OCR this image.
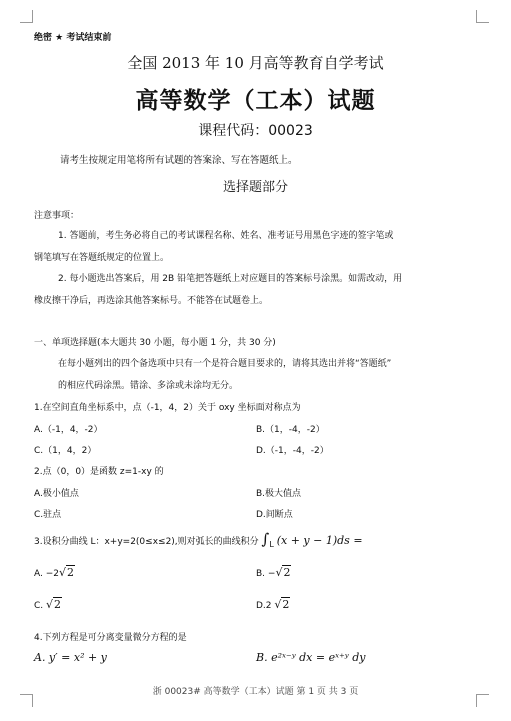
绝密 ★ 考试结束前
全国 2013 年 10 月高等教育自学考试
高等数学（工本）试题
课程代码：00023
请考生按规定用笔将所有试题的答案涂、写在答题纸上。
选择题部分
注意事项：
1. 答题前，考生务必将自己的考试课程名称、姓名、准考证号用黑色字迹的签字笔或
钢笔填写在答题纸规定的位置上。
2. 每小题选出答案后，用 2B 铅笔把答题纸上对应题目的答案标号涂黑。如需改动，用
橡皮擦干净后，再选涂其他答案标号。不能答在试题卷上。
一、单项选择题(本大题共 30 小题，每小题 1 分，共 30 分)
在每小题列出的四个备选项中只有一个是符合题目要求的，请将其选出并将“答题纸”
的相应代码涂黑。错涂、多涂或未涂均无分。
1.在空间直角坐标系中，点（-1，4，2）关于 oxy 坐标面对称点为
A.（-1，4，-2）	B.（1，-4，-2）
C.（1，4，2）	D.（-1，-4，-2）
2.点（0，0）是函数 z=1-xy 的
A.极小值点	B.极大值点
C.驻点	D.间断点
3.设积分曲线 L：x+y=2(0≤x≤2),则对弧长的曲线积分 $\int_L$ (x + y − 1)ds =
A. −2√2	B. −√2
C. √2	D.2 √2
4.下列方程是可分离变量微分方程的是
A. y′ = x² + y	B. e²ˣ⁻ʸ dx = eˣ⁺ʸ dy
浙 00023# 高等数学（工本）试题 第 1 页 共 3 页
